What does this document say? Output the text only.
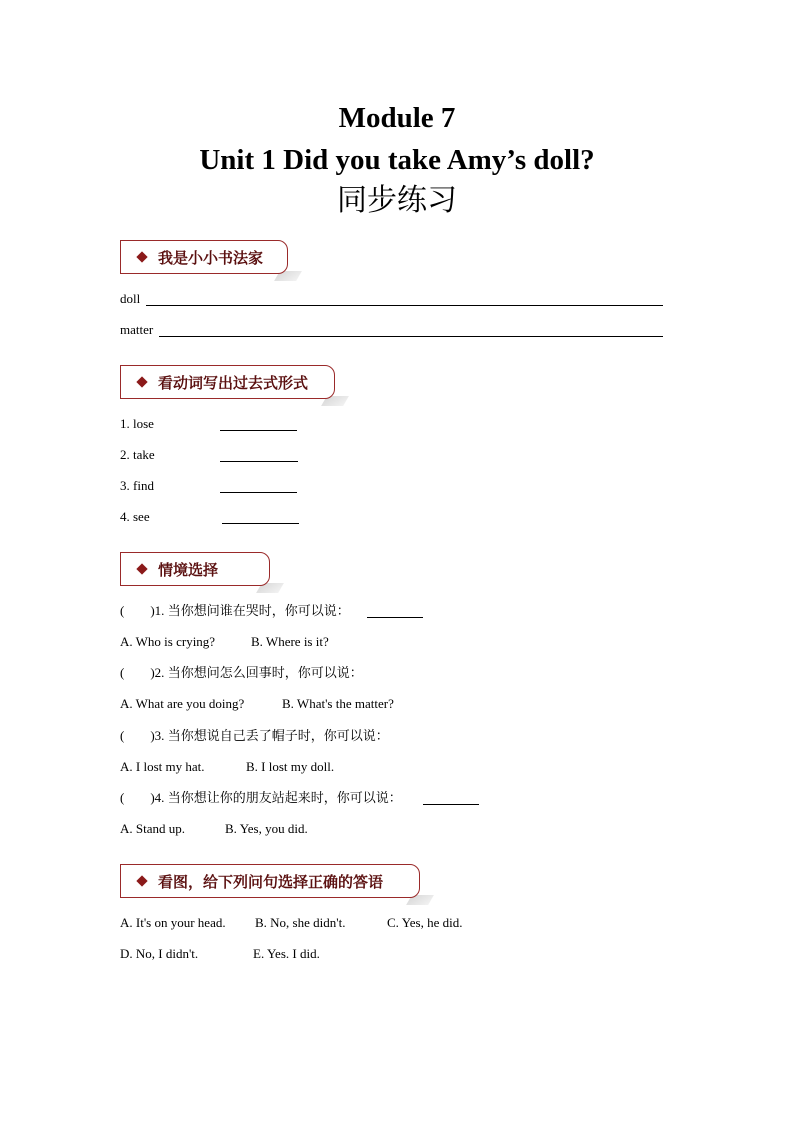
Module 7
Unit 1 Did you take Amy’s doll?
同步练习
我是小小书法家
doll
matter
看动词写出过去式形式
1. lose
2. take
3. find
4. see
情境选择
( )1. 当你想问谁在哭时，你可以说：
A. Who is crying?	B. Where is it?
( )2. 当你想问怎么回事时，你可以说：
A. What are you doing?	B. What's the matter?
( )3. 当你想说自己丢了帽子时，你可以说：
A. I lost my hat.	B. I lost my doll.
( )4. 当你想让你的朋友站起来时，你可以说：
A. Stand up.	B. Yes, you did.
看图，给下列问句选择正确的答语
A. It's on your head. B. No, she didn't.	C. Yes, he did.
D. No, I didn't.	E. Yes. I did.
